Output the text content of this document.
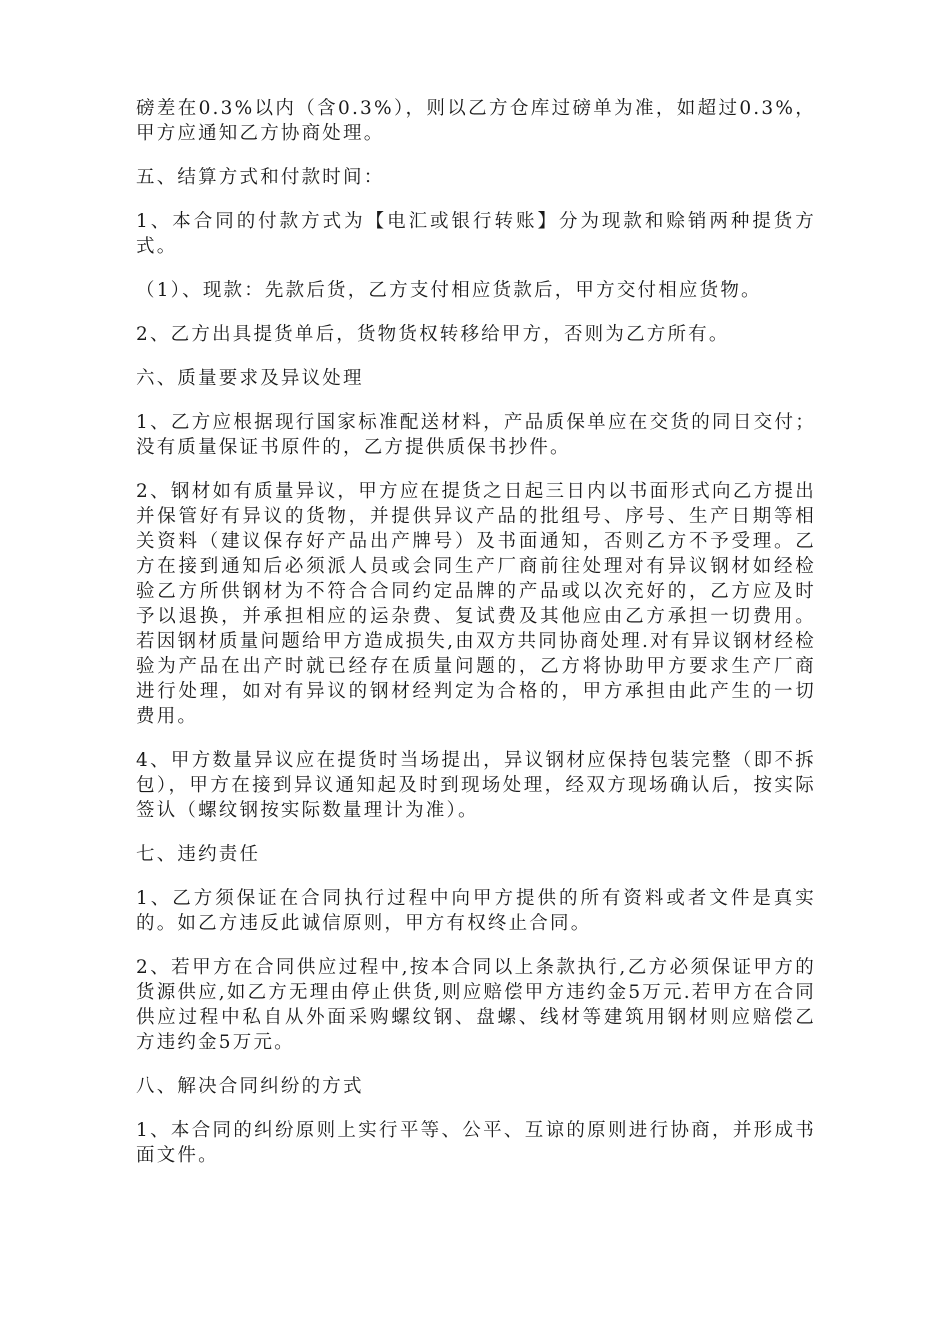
磅差在0.3%以内（含0.3%），则以乙方仓库过磅单为准，如超过0.3%，甲方应通知乙方协商处理。

五、结算方式和付款时间：

1、本合同的付款方式为【电汇或银行转账】分为现款和赊销两种提货方式。

（1）、现款：先款后货，乙方支付相应货款后，甲方交付相应货物。

2、乙方出具提货单后，货物货权转移给甲方，否则为乙方所有。

六、质量要求及异议处理

1、乙方应根据现行国家标准配送材料，产品质保单应在交货的同日交付；没有质量保证书原件的，乙方提供质保书抄件。

2、钢材如有质量异议，甲方应在提货之日起三日内以书面形式向乙方提出并保管好有异议的货物，并提供异议产品的批组号、序号、生产日期等相关资料（建议保存好产品出产牌号）及书面通知，否则乙方不予受理。乙方在接到通知后必须派人员或会同生产厂商前往处理对有异议钢材如经检验乙方所供钢材为不符合合同约定品牌的产品或以次充好的，乙方应及时予以退换，并承担相应的运杂费、复试费及其他应由乙方承担一切费用。若因钢材质量问题给甲方造成损失,由双方共同协商处理.对有异议钢材经检验为产品在出产时就已经存在质量问题的，乙方将协助甲方要求生产厂商进行处理，如对有异议的钢材经判定为合格的，甲方承担由此产生的一切费用。

4、甲方数量异议应在提货时当场提出，异议钢材应保持包装完整（即不拆包），甲方在接到异议通知起及时到现场处理，经双方现场确认后，按实际签认（螺纹钢按实际数量理计为准）。

七、违约责任

1、乙方须保证在合同执行过程中向甲方提供的所有资料或者文件是真实的。如乙方违反此诚信原则，甲方有权终止合同。

2、若甲方在合同供应过程中,按本合同以上条款执行,乙方必须保证甲方的货源供应,如乙方无理由停止供货,则应赔偿甲方违约金5万元.若甲方在合同供应过程中私自从外面采购螺纹钢、盘螺、线材等建筑用钢材则应赔偿乙方违约金5万元。

八、解决合同纠纷的方式

1、本合同的纠纷原则上实行平等、公平、互谅的原则进行协商，并形成书面文件。
